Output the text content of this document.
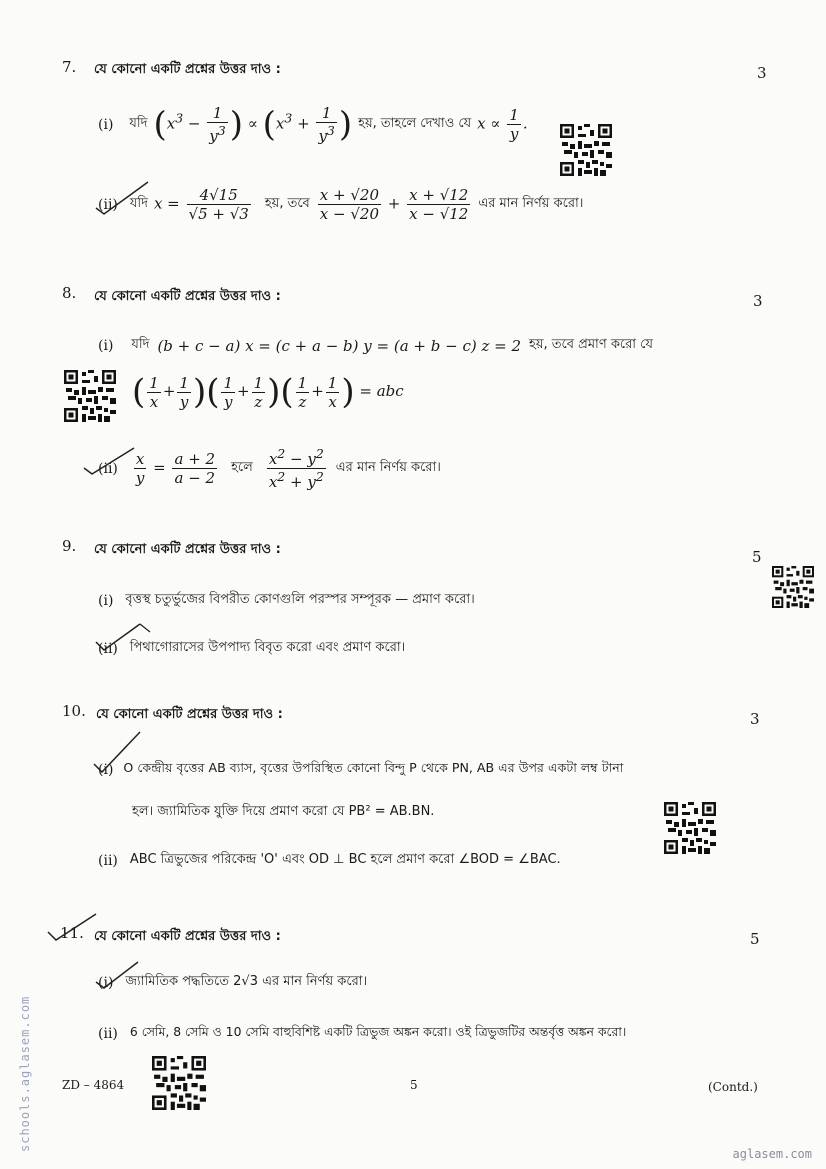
7. যে কোনো একটি প্রশ্নের উত্তর দাও :	3
(i) যদি ($x^3 - \frac{1}{y^3}$ ) ∝ ($x^3 + \frac{1}{y^3}$ ) হয়, তাহলে দেখাও যে $x \propto \frac{1}{y}$ .
(ii) যদি $x = \frac{4√15}{√5 + √3}$ হয়, তবে $\frac{x + √20}{x - √20} + \frac{x + √12}{x - √12}$ এর মান নির্ণয় করো।
8. যে কোনো একটি প্রশ্নের উত্তর দাও :	3
(i) যদি (b + c − a) x = (c + a − b) y = (a + b − c) z = 2 হয়, তবে প্রমাণ করো যে
( $\frac{1}{x} + \frac{1}{y}$ )( $\frac{1}{y} + \frac{1}{z}$ )( $\frac{1}{z} + \frac{1}{x}$ ) = abc
$(ii) \frac{x}{y} = \frac{a + 2}{a - 2}$ হলে $\frac{x^2 - y^2}{x^2 + y^2}$ এর মান নির্ণয় করো।
9. যে কোনো একটি প্রশ্নের উত্তর দাও :	5
(i) বৃত্তস্থ চতুর্ভুজের বিপরীত কোণগুলি পরস্পর সম্পূরক — প্রমাণ করো।
(ii) পিথাগোরাসের উপপাদ্য বিবৃত করো এবং প্রমাণ করো।
10. যে কোনো একটি প্রশ্নের উত্তর দাও :	3
(i) O কেন্দ্রীয় বৃত্তের AB ব্যাস, বৃত্তের উপরিস্থিত কোনো বিন্দু P থেকে PN, AB এর উপর একটা লম্ব টানা
হল। জ্যামিতিক যুক্তি দিয়ে প্রমাণ করো যে PB² = AB.BN.
(ii) ABC ত্রিভুজের পরিকেন্দ্র 'O' এবং OD ⊥ BC হলে প্রমাণ করো ∠BOD = ∠BAC.
11. যে কোনো একটি প্রশ্নের উত্তর দাও :	5
(i) জ্যামিতিক পদ্ধতিতে 2√3 এর মান নির্ণয় করো।
(ii) 6 সেমি, 8 সেমি ও 10 সেমি বাহুবিশিষ্ট একটি ত্রিভুজ অঙ্কন করো। ওই ত্রিভুজটির অন্তর্বৃত্ত অঙ্কন করো।
ZD – 4864	5	(Contd.)
schools.aglasem.com
aglasem.com
